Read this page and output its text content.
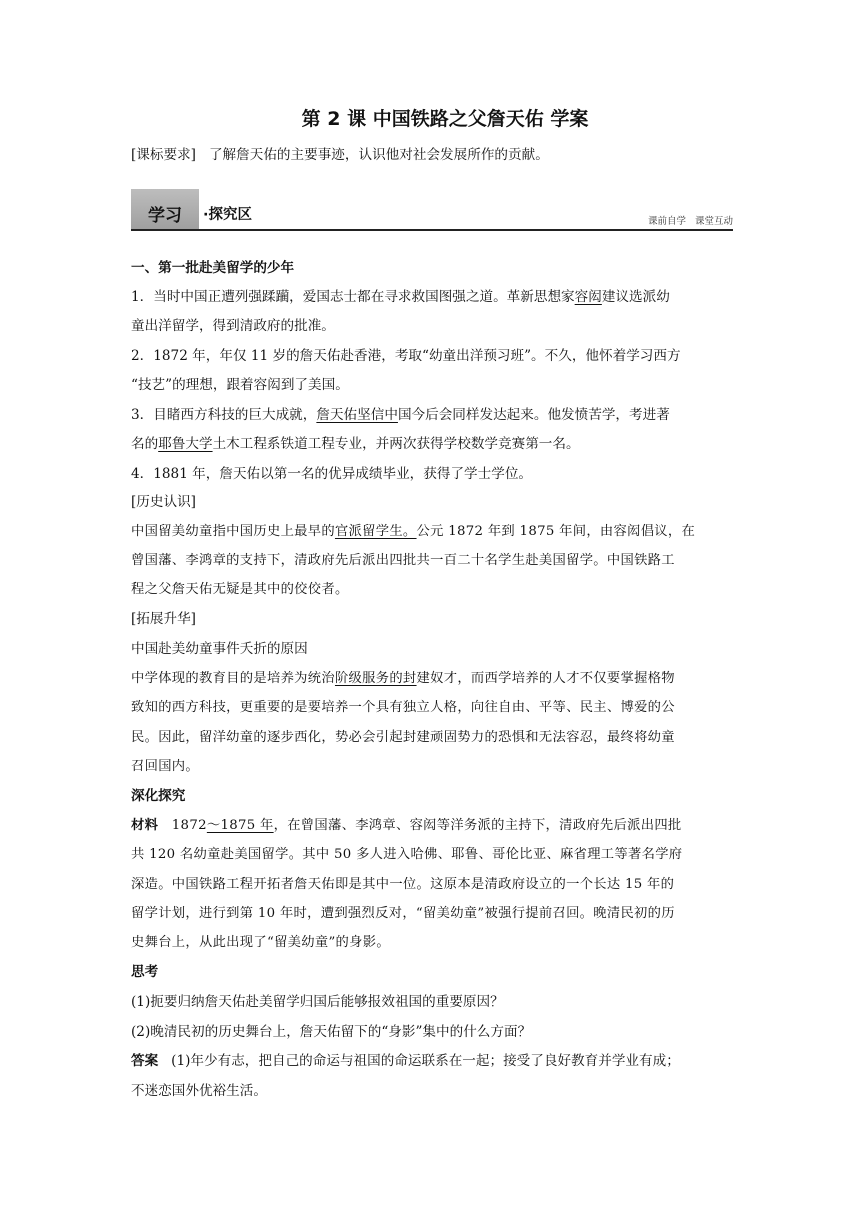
第 2 课 中国铁路之父詹天佑 学案
[课标要求] 了解詹天佑的主要事迹，认识他对社会发展所作的贡献。
学习	·探究区	课前自学 课堂互动
一、第一批赴美留学的少年
1．当时中国正遭列强蹂躏，爱国志士都在寻求救国图强之道。革新思想家容闳建议选派幼
童出洋留学，得到清政府的批准。
2．1872 年，年仅 11 岁的詹天佑赴香港，考取“幼童出洋预习班”。不久，他怀着学习西方
“技艺”的理想，跟着容闳到了美国。
3．目睹西方科技的巨大成就，詹天佑坚信中国今后会同样发达起来。他发愤苦学，考进著
名的耶鲁大学土木工程系铁道工程专业，并两次获得学校数学竞赛第一名。
4．1881 年，詹天佑以第一名的优异成绩毕业，获得了学士学位。
[历史认识]
中国留美幼童指中国历史上最早的官派留学生。公元 1872 年到 1875 年间，由容闳倡议，在
曾国藩、李鸿章的支持下，清政府先后派出四批共一百二十名学生赴美国留学。中国铁路工
程之父詹天佑无疑是其中的佼佼者。
[拓展升华]
中国赴美幼童事件夭折的原因
中学体现的教育目的是培养为统治阶级服务的封建奴才，而西学培养的人才不仅要掌握格物
致知的西方科技，更重要的是要培养一个具有独立人格，向往自由、平等、民主、博爱的公
民。因此，留洋幼童的逐步西化，势必会引起封建顽固势力的恐惧和无法容忍，最终将幼童
召回国内。
深化探究
材料 1872～1875 年，在曾国藩、李鸿章、容闳等洋务派的主持下，清政府先后派出四批
共 120 名幼童赴美国留学。其中 50 多人进入哈佛、耶鲁、哥伦比亚、麻省理工等著名学府
深造。中国铁路工程开拓者詹天佑即是其中一位。这原本是清政府设立的一个长达 15 年的
留学计划，进行到第 10 年时，遭到强烈反对，“留美幼童”被强行提前召回。晚清民初的历
史舞台上，从此出现了“留美幼童”的身影。
思考
(1)扼要归纳詹天佑赴美留学归国后能够报效祖国的重要原因？
(2)晚清民初的历史舞台上，詹天佑留下的“身影”集中的什么方面？
答案 (1)年少有志，把自己的命运与祖国的命运联系在一起；接受了良好教育并学业有成；
不迷恋国外优裕生活。
